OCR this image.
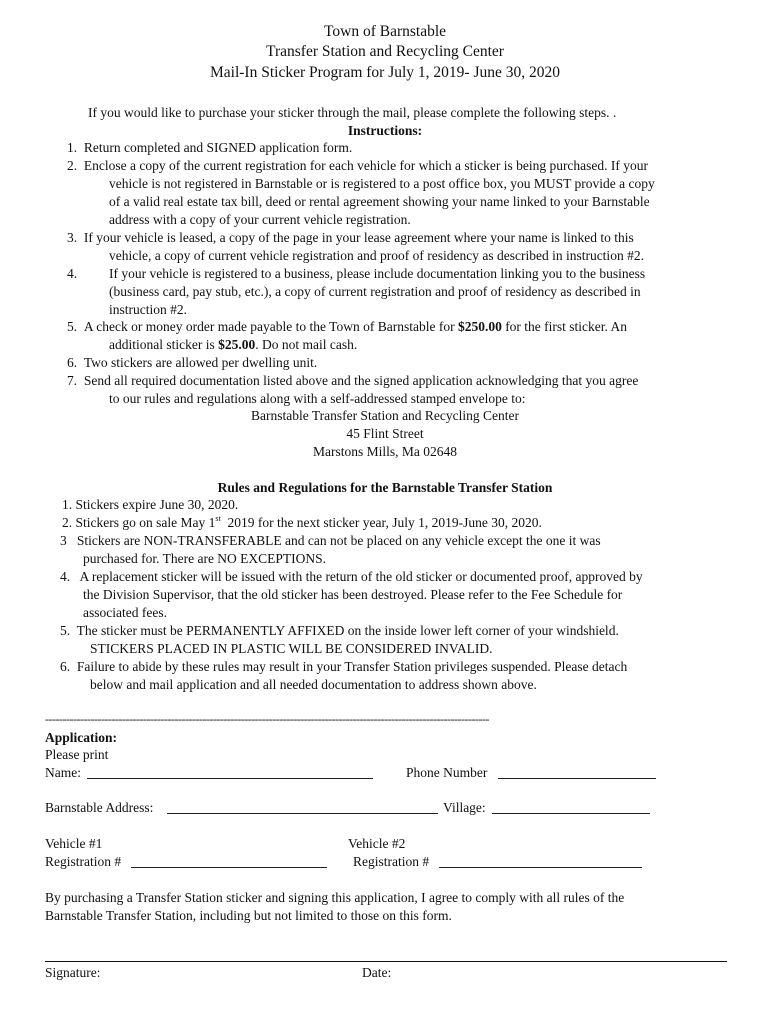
Town of Barnstable
Transfer Station and Recycling Center
Mail-In Sticker Program for July 1, 2019- June 30, 2020
If you would like to purchase your sticker through the mail, please complete the following steps. .
Instructions:
1. Return completed and SIGNED application form.
2. Enclose a copy of the current registration for each vehicle for which a sticker is being purchased. If your
vehicle is not registered in Barnstable or is registered to a post office box, you MUST provide a copy
of a valid real estate tax bill, deed or rental agreement showing your name linked to your Barnstable
address with a copy of your current vehicle registration.
3. If your vehicle is leased, a copy of the page in your lease agreement where your name is linked to this
vehicle, a copy of current vehicle registration and proof of residency as described in instruction #2.
4. If your vehicle is registered to a business, please include documentation linking you to the business
(business card, pay stub, etc.), a copy of current registration and proof of residency as described in
instruction #2.
5. A check or money order made payable to the Town of Barnstable for $250.00 for the first sticker. An
additional sticker is $25.00. Do not mail cash.
6. Two stickers are allowed per dwelling unit.
7. Send all required documentation listed above and the signed application acknowledging that you agree
to our rules and regulations along with a self-addressed stamped envelope to:
Barnstable Transfer Station and Recycling Center
45 Flint Street
Marstons Mills, Ma 02648
Rules and Regulations for the Barnstable Transfer Station
1. Stickers expire June 30, 2020.
2. Stickers go on sale May 1st  2019 for the next sticker year, July 1, 2019-June 30, 2020.
3   Stickers are NON-TRANSFERABLE and can not be placed on any vehicle except the one it was
purchased for. There are NO EXCEPTIONS.
4.   A replacement sticker will be issued with the return of the old sticker or documented proof, approved by
the Division Supervisor, that the old sticker has been destroyed. Please refer to the Fee Schedule for
associated fees.
5.  The sticker must be PERMANENTLY AFFIXED on the inside lower left corner of your windshield.
STICKERS PLACED IN PLASTIC WILL BE CONSIDERED INVALID.
6.  Failure to abide by these rules may result in your Transfer Station privileges suspended. Please detach
below and mail application and all needed documentation to address shown above.
-------------------------------------------------------------------------------------------------------------------------------
Application:
Please print
Name:	Phone Number
Barnstable Address:	Village:
Vehicle #1
Registration #
Vehicle #2
Registration #
By purchasing a Transfer Station sticker and signing this application, I agree to comply with all rules of the
Barnstable Transfer Station, including but not limited to those on this form.
Signature:	Date:
